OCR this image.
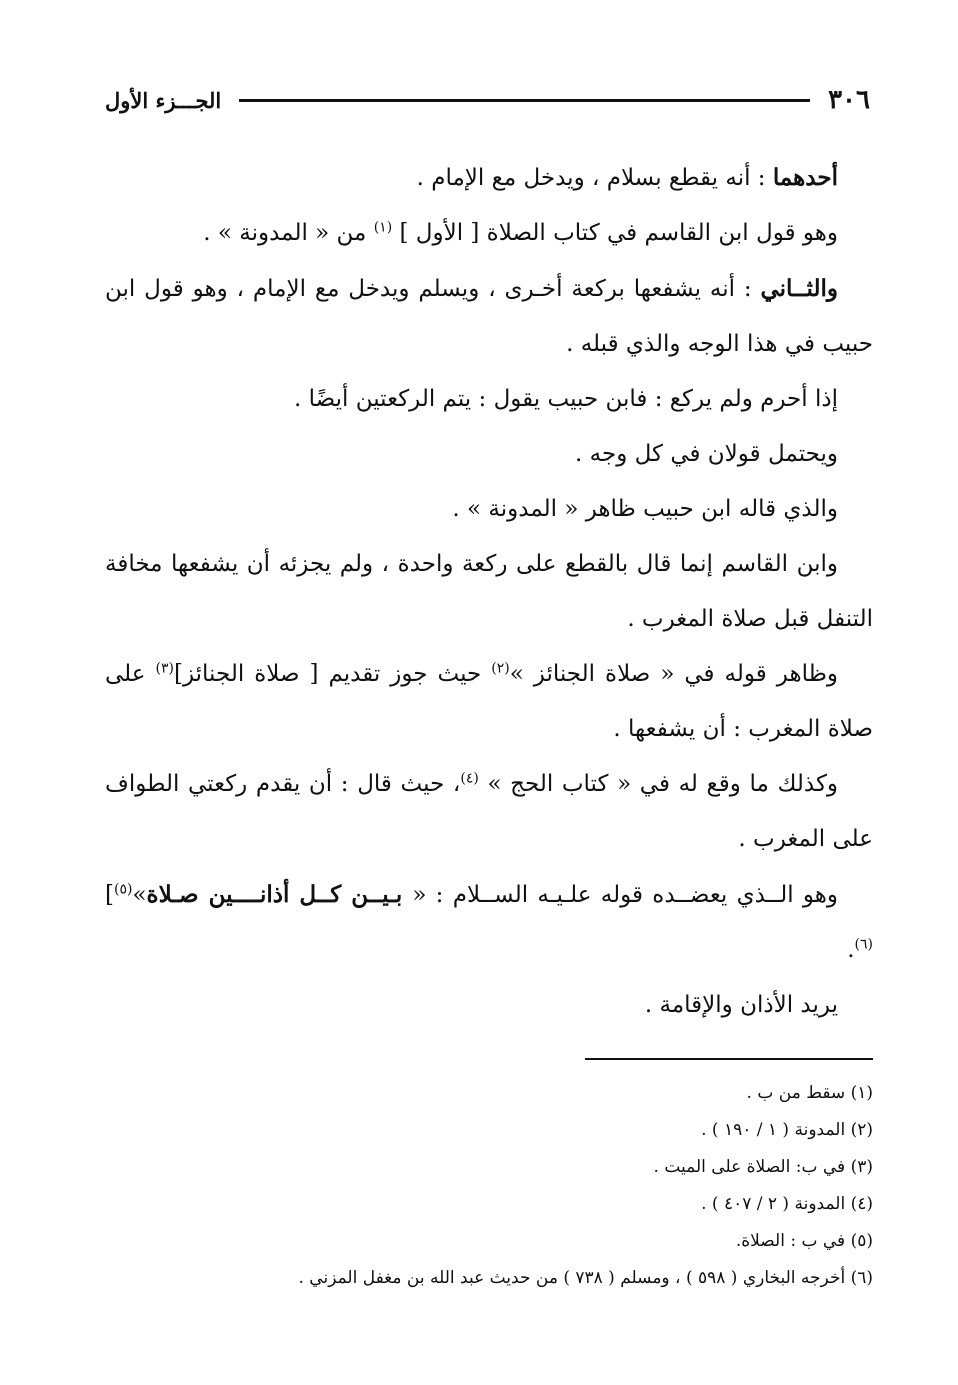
٣٠٦
الجـــزء الأول

أحدهما : أنه يقطع بسلام ، ويدخل مع الإمام .

وهو قول ابن القاسم في كتاب الصلاة [ الأول ] $^{(١)}$ من « المدونة » .

والثــاني : أنه يشفعها بركعة أخـرى ، ويسلم ويدخل مع الإمام ، وهو قول ابن حبيب في هذا الوجه والذي قبله .

إذا أحرم ولم يركع : فابن حبيب يقول : يتم الركعتين أيضًا .

ويحتمل قولان في كل وجه .

والذي قاله ابن حبيب ظاهر « المدونة » .

وابن القاسم إنما قال بالقطع على ركعة واحدة ، ولم يجزئه أن يشفعها مخافة التنفل قبل صلاة المغرب .

وظاهر قوله في « صلاة الجنائز »$^{(٢)}$ حيث جوز تقديم [ صلاة الجنائز]$^{(٣)}$ على صلاة المغرب : أن يشفعها .

وكذلك ما وقع له في « كتاب الحج » $^{(٤)}$، حيث قال : أن يقدم ركعتي الطواف على المغرب .

وهو الــذي يعضــده قوله علـيـه الســلام : « بـيــن كــل أذانــــين صـلاة»$^{(٥)}$]$^{(٦)}$.

يريد الأذان والإقامة .

(١) سقط من ب .

(٢) المدونة ( ١ / ١٩٠ ) .

(٣) في ب: الصلاة على الميت .

(٤) المدونة ( ٢ / ٤٠٧ ) .

(٥) في ب : الصلاة.

(٦) أخرجه البخاري ( ٥٩٨ ) ، ومسلم ( ٧٣٨ ) من حديث عبد الله بن مغفل المزني .
